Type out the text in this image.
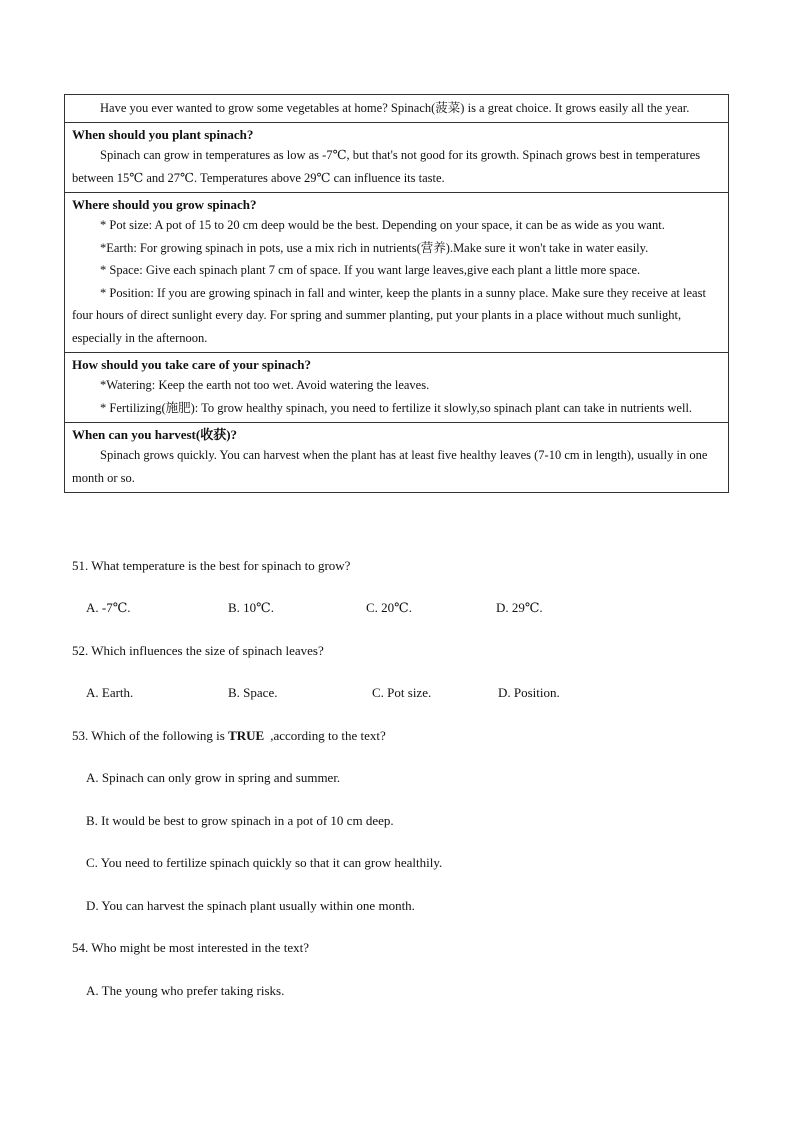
Have you ever wanted to grow some vegetables at home? Spinach(菠菜) is a great choice. It grows easily all the year.

When should you plant spinach?

Spinach can grow in temperatures as low as -7℃, but that's not good for its growth. Spinach grows best in temperatures between 15℃ and 27℃. Temperatures above 29℃ can influence its taste.

Where should you grow spinach?

* Pot size: A pot of 15 to 20 cm deep would be the best. Depending on your space, it can be as wide as you want.

*Earth: For growing spinach in pots, use a mix rich in nutrients(营养).Make sure it won't take in water easily.

* Space: Give each spinach plant 7 cm of space. If you want large leaves,give each plant a little more space.

* Position: If you are growing spinach in fall and winter, keep the plants in a sunny place. Make sure they receive at least four hours of direct sunlight every day. For spring and summer planting, put your plants in a place without much sunlight, especially in the afternoon.

How should you take care of your spinach?

*Watering: Keep the earth not too wet. Avoid watering the leaves.

* Fertilizing(施肥): To grow healthy spinach, you need to fertilize it slowly,so spinach plant can take in nutrients well.

When can you harvest(收获)?

Spinach grows quickly. You can harvest when the plant has at least five healthy leaves (7-10 cm in length), usually in one month or so.

51. What temperature is the best for spinach to grow?
A. -7℃.	B. 10℃.	C. 20℃.	D. 29℃.
52. Which influences the size of spinach leaves?
A. Earth.	B. Space.	C. Pot size.	D. Position.
53. Which of the following is TRUE ,according to the text?
A. Spinach can only grow in spring and summer.
B. It would be best to grow spinach in a pot of 10 cm deep.
C. You need to fertilize spinach quickly so that it can grow healthily.
D. You can harvest the spinach plant usually within one month.
54. Who might be most interested in the text?
A. The young who prefer taking risks.
